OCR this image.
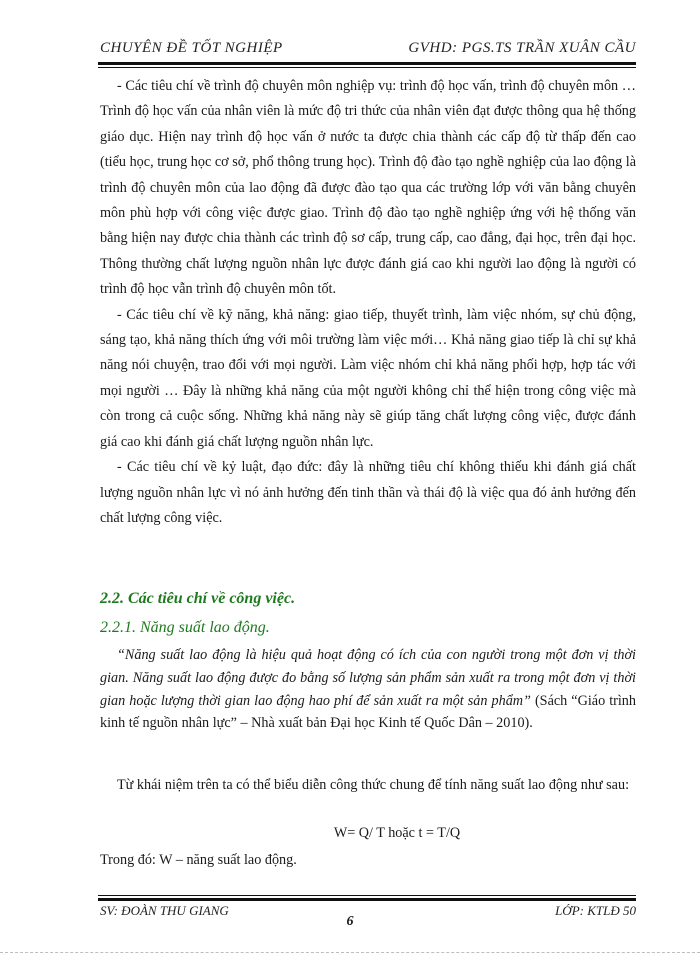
CHUYÊN ĐỀ TỐT NGHIỆP	GVHD: PGS.TS TRẦN XUÂN CẦU

- Các tiêu chí về trình độ chuyên môn nghiệp vụ: trình độ học vấn, trình độ chuyên môn … Trình độ học vấn của nhân viên là mức độ tri thức của nhân viên đạt được thông qua hệ thống giáo dục. Hiện nay trình độ học vấn ở nước ta được chia thành các cấp độ từ thấp đến cao (tiểu học, trung học cơ sở, phổ thông trung học). Trình độ đào tạo nghề nghiệp của lao động là trình độ chuyên môn của lao động đã được đào tạo qua các trường lớp với văn bằng chuyên môn phù hợp với công việc được giao. Trình độ đào tạo nghề nghiệp ứng với hệ thống văn bằng hiện nay được chia thành các trình độ sơ cấp, trung cấp, cao đẳng, đại học, trên đại học. Thông thường chất lượng nguồn nhân lực được đánh giá cao khi người lao động là người có trình độ học vẫn trình độ chuyên môn tốt.

- Các tiêu chí về kỹ năng, khả năng: giao tiếp, thuyết trình, làm việc nhóm, sự chủ động, sáng tạo, khả năng thích ứng với môi trường làm việc mới… Khả năng giao tiếp là chỉ sự khả năng nói chuyện, trao đổi với mọi người. Làm việc nhóm chỉ khả năng phối hợp, hợp tác với mọi người … Đây là những khả năng của một người không chỉ thể hiện trong công việc mà còn trong cả cuộc sống. Những khả năng này sẽ giúp tăng chất lượng công việc, được đánh giá cao khi đánh giá chất lượng nguồn nhân lực.

- Các tiêu chí về kỷ luật, đạo đức: đây là những tiêu chí không thiếu khi đánh giá chất lượng nguồn nhân lực vì nó ảnh hưởng đến tinh thần và thái độ là việc qua đó ảnh hưởng đến chất lượng công việc.

2.2. Các tiêu chí về công việc.
2.2.1. Năng suất lao động.

“Năng suất lao động là hiệu quả hoạt động có ích của con người trong một đơn vị thời gian. Năng suất lao động được đo bằng số lượng sản phẩm sản xuất ra trong một đơn vị thời gian hoặc lượng thời gian lao động hao phí để sản xuất ra một sản phẩm” (Sách “Giáo trình kinh tế nguồn nhân lực” – Nhà xuất bản Đại học Kinh tế Quốc Dân – 2010).

Từ khái niệm trên ta có thể biểu diễn công thức chung để tính năng suất lao động như sau:

W= Q/ T hoặc t = T/Q
Trong đó: W – năng suất lao động.
SV: ĐOÀN THU GIANG	LỚP: KTLĐ 50
6
